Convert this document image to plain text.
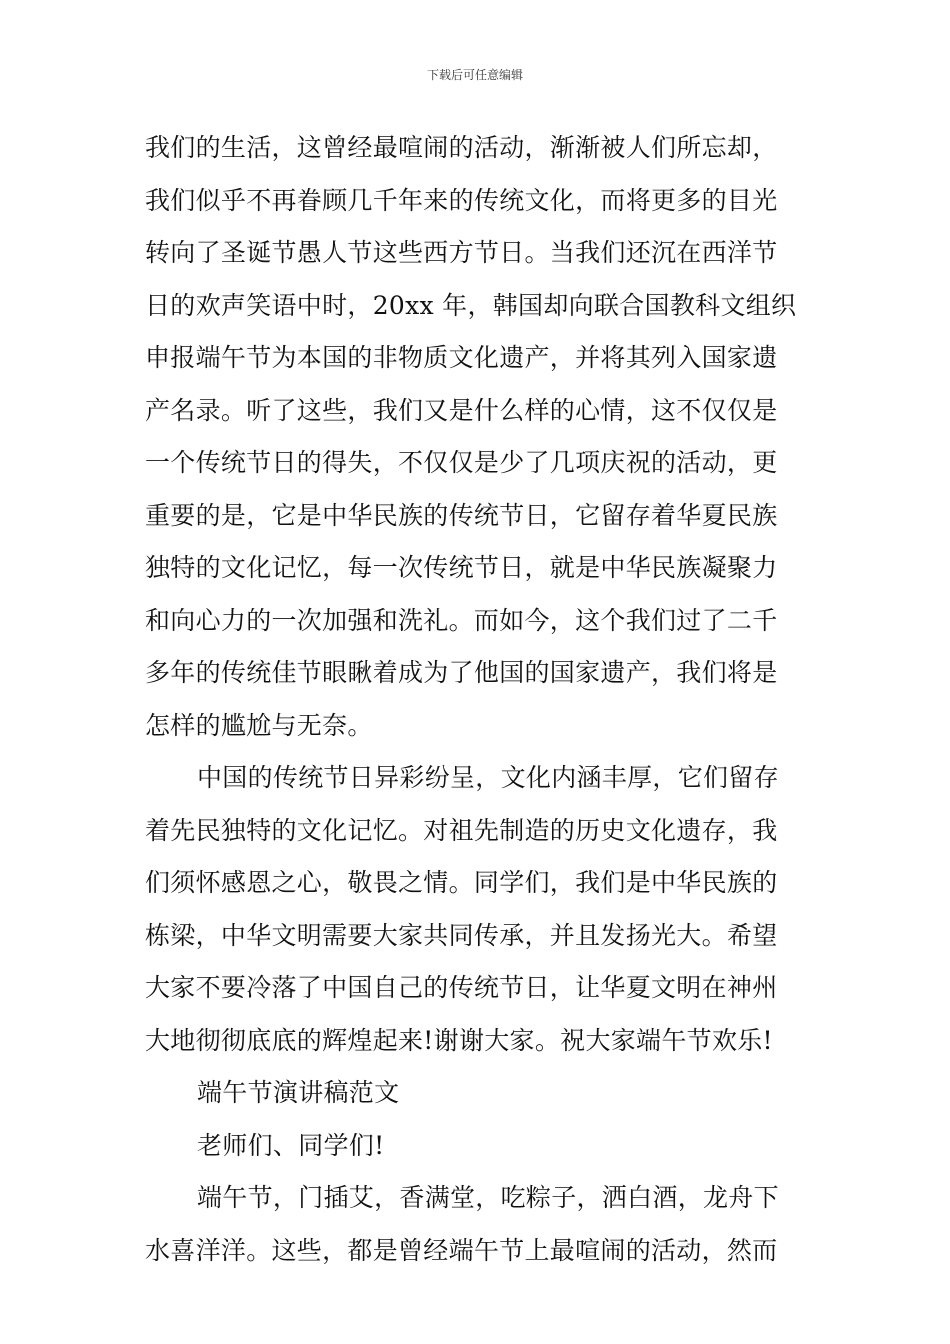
下载后可任意编辑
我们的生活，这曾经最喧闹的活动，渐渐被人们所忘却，
我们似乎不再眷顾几千年来的传统文化，而将更多的目光
转向了圣诞节愚人节这些西方节日。当我们还沉在西洋节
日的欢声笑语中时，20xx 年，韩国却向联合国教科文组织
申报端午节为本国的非物质文化遗产，并将其列入国家遗
产名录。听了这些，我们又是什么样的心情，这不仅仅是
一个传统节日的得失，不仅仅是少了几项庆祝的活动，更
重要的是，它是中华民族的传统节日，它留存着华夏民族
独特的文化记忆，每一次传统节日，就是中华民族凝聚力
和向心力的一次加强和洗礼。而如今，这个我们过了二千
多年的传统佳节眼瞅着成为了他国的国家遗产，我们将是
怎样的尴尬与无奈。
中国的传统节日异彩纷呈，文化内涵丰厚，它们留存
着先民独特的文化记忆。对祖先制造的历史文化遗存，我
们须怀感恩之心，敬畏之情。同学们，我们是中华民族的
栋梁，中华文明需要大家共同传承，并且发扬光大。希望
大家不要冷落了中国自己的传统节日，让华夏文明在神州
大地彻彻底底的辉煌起来!谢谢大家。祝大家端午节欢乐!
端午节演讲稿范文
老师们、同学们!
端午节，门插艾，香满堂，吃粽子，洒白酒，龙舟下
水喜洋洋。这些，都是曾经端午节上最喧闹的活动，然而
